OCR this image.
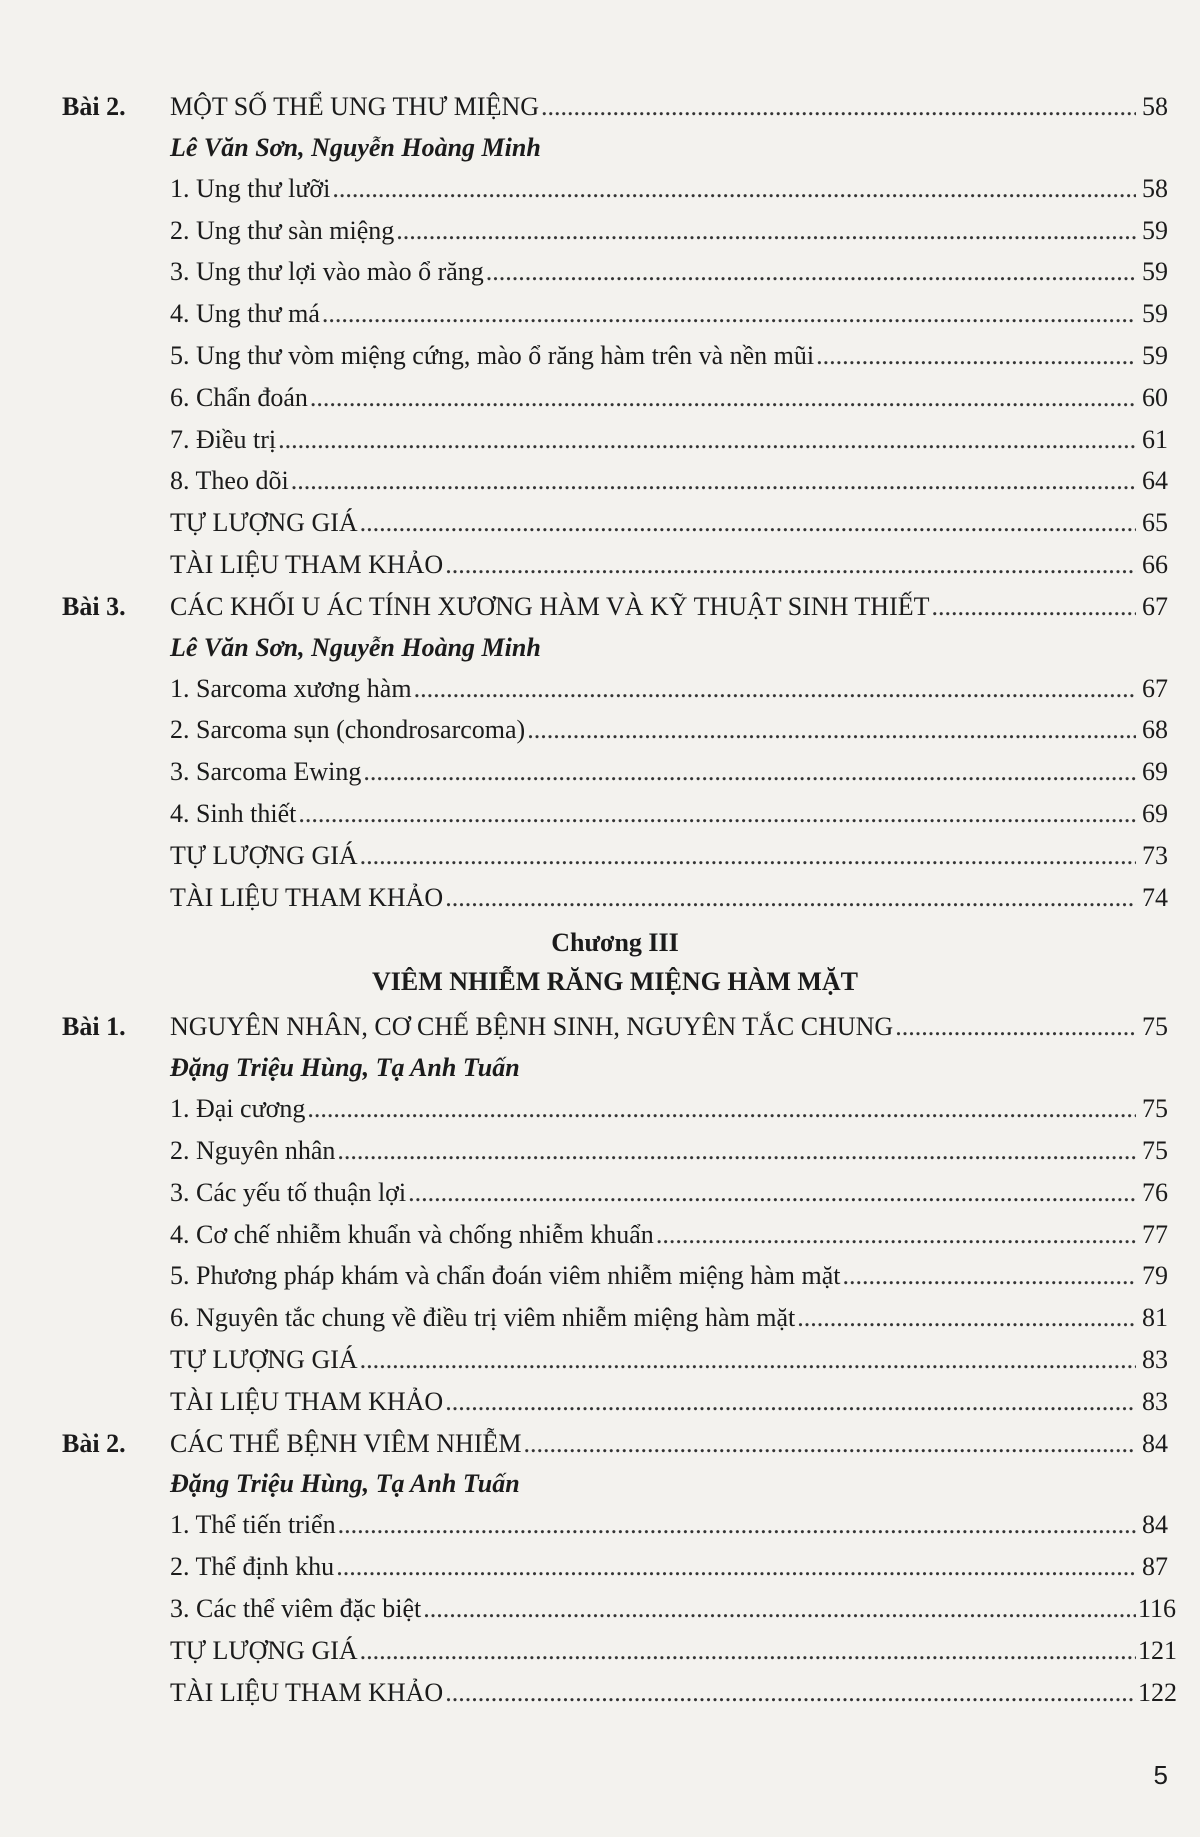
Bài 2.	MỘT SỐ THỂ UNG THƯ MIỆNG .....	58
Lê Văn Sơn, Nguyễn Hoàng Minh
1. Ung thư lưỡi .....	58
2. Ung thư sàn miệng .....	59
3. Ung thư lợi vào mào ổ răng .....	59
4. Ung thư má .....	59
5. Ung thư vòm miệng cứng, mào ổ răng hàm trên và nền mũi .....	59
6. Chẩn đoán .....	60
7. Điều trị .....	61
8. Theo dõi .....	64
TỰ LƯỢNG GIÁ .....	65
TÀI LIỆU THAM KHẢO .....	66
Bài 3.	CÁC KHỐI U ÁC TÍNH XƯƠNG HÀM VÀ KỸ THUẬT SINH THIẾT .....	67
Lê Văn Sơn, Nguyễn Hoàng Minh
1. Sarcoma xương hàm .....	67
2. Sarcoma sụn (chondrosarcoma) .....	68
3. Sarcoma Ewing .....	69
4. Sinh thiết .....	69
TỰ LƯỢNG GIÁ .....	73
TÀI LIỆU THAM KHẢO .....	74
Chương III
VIÊM NHIỄM RĂNG MIỆNG HÀM MẶT
Bài 1.	NGUYÊN NHÂN, CƠ CHẾ BỆNH SINH, NGUYÊN TẮC CHUNG .....	75
Đặng Triệu Hùng, Tạ Anh Tuấn
1. Đại cương .....	75
2. Nguyên nhân .....	75
3. Các yếu tố thuận lợi .....	76
4. Cơ chế nhiễm khuẩn và chống nhiễm khuẩn .....	77
5. Phương pháp khám và chẩn đoán viêm nhiễm miệng hàm mặt .....	79
6. Nguyên tắc chung về điều trị viêm nhiễm miệng hàm mặt .....	81
TỰ LƯỢNG GIÁ .....	83
TÀI LIỆU THAM KHẢO .....	83
Bài 2.	CÁC THỂ BỆNH VIÊM NHIỄM .....	84
Đặng Triệu Hùng, Tạ Anh Tuấn
1. Thể tiến triển .....	84
2. Thể định khu .....	87
3. Các thể viêm đặc biệt .....	116
TỰ LƯỢNG GIÁ .....	121
TÀI LIỆU THAM KHẢO .....	122
5
